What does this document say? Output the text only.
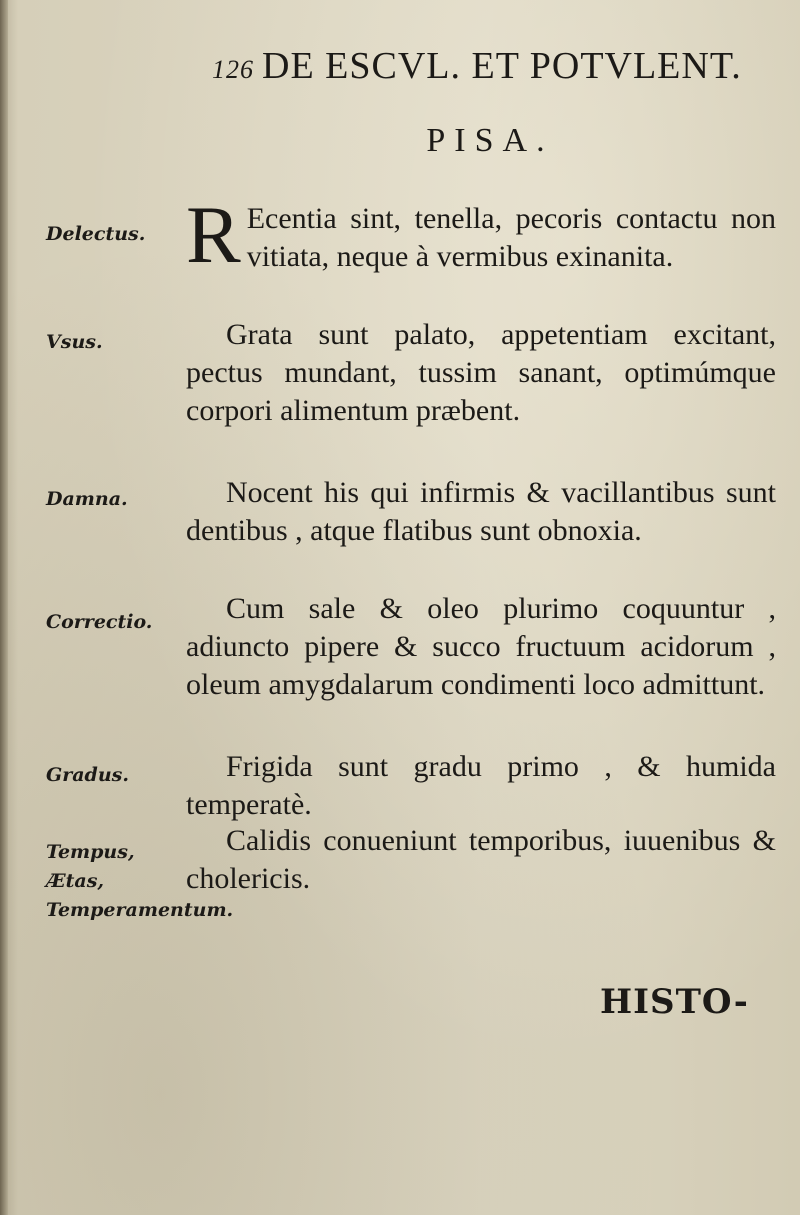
126 DE ESCVL. ET POTVLENT.
PISA.
Delectus. R Ecentia sint, tenella, pecoris contactu non vitiata, neque à vermibus exinanita.
Vsus.	Grata sunt palato, appetentiam excitant, pectus mundant, tussim sanant, optimúmque corpori alimentum præbent.
Damna.	Nocent his qui infirmis & vacillantibus sunt dentibus , atque flatibus sunt obnoxia.
Correctio.	Cum sale & oleo plurimo coquuntur , adiuncto pipere & succo fructuum acidorum , oleum amygdalarum condimenti loco admittunt.
Gradus.	Frigida sunt gradu primo , & humida temperatè.
Tempus, Ætas, Temperamentum.
Calidis conueniunt temporibus, iuuenibus & cholericis.
HISTO-
